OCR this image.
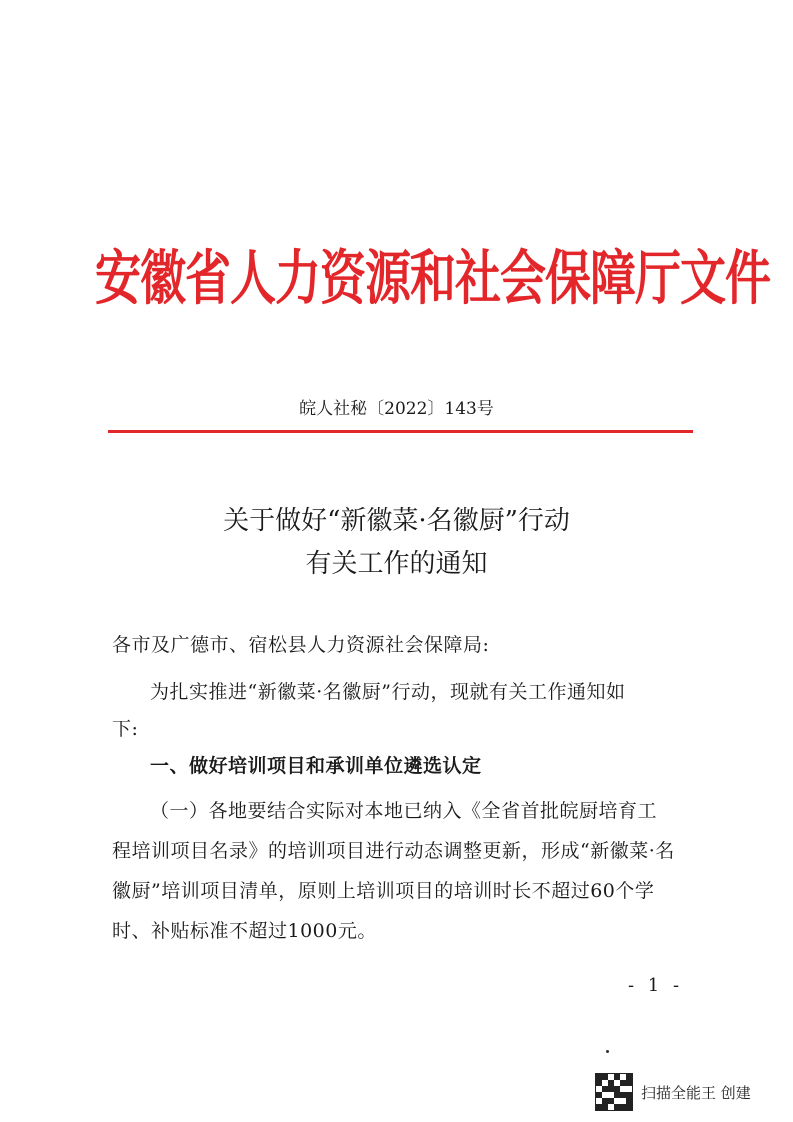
安徽省人力资源和社会保障厅文件
皖人社秘〔2022〕143号
关于做好“新徽菜·名徽厨”行动
有关工作的通知
各市及广德市、宿松县人力资源社会保障局:
为扎实推进“新徽菜·名徽厨”行动，现就有关工作通知如
下:
一、做好培训项目和承训单位遴选认定
（一）各地要结合实际对本地已纳入《全省首批皖厨培育工
程培训项目名录》的培训项目进行动态调整更新，形成“新徽菜·名
徽厨”培训项目清单，原则上培训项目的培训时长不超过60个学
时、补贴标准不超过1000元。
- 1 -
扫描全能王 创建
